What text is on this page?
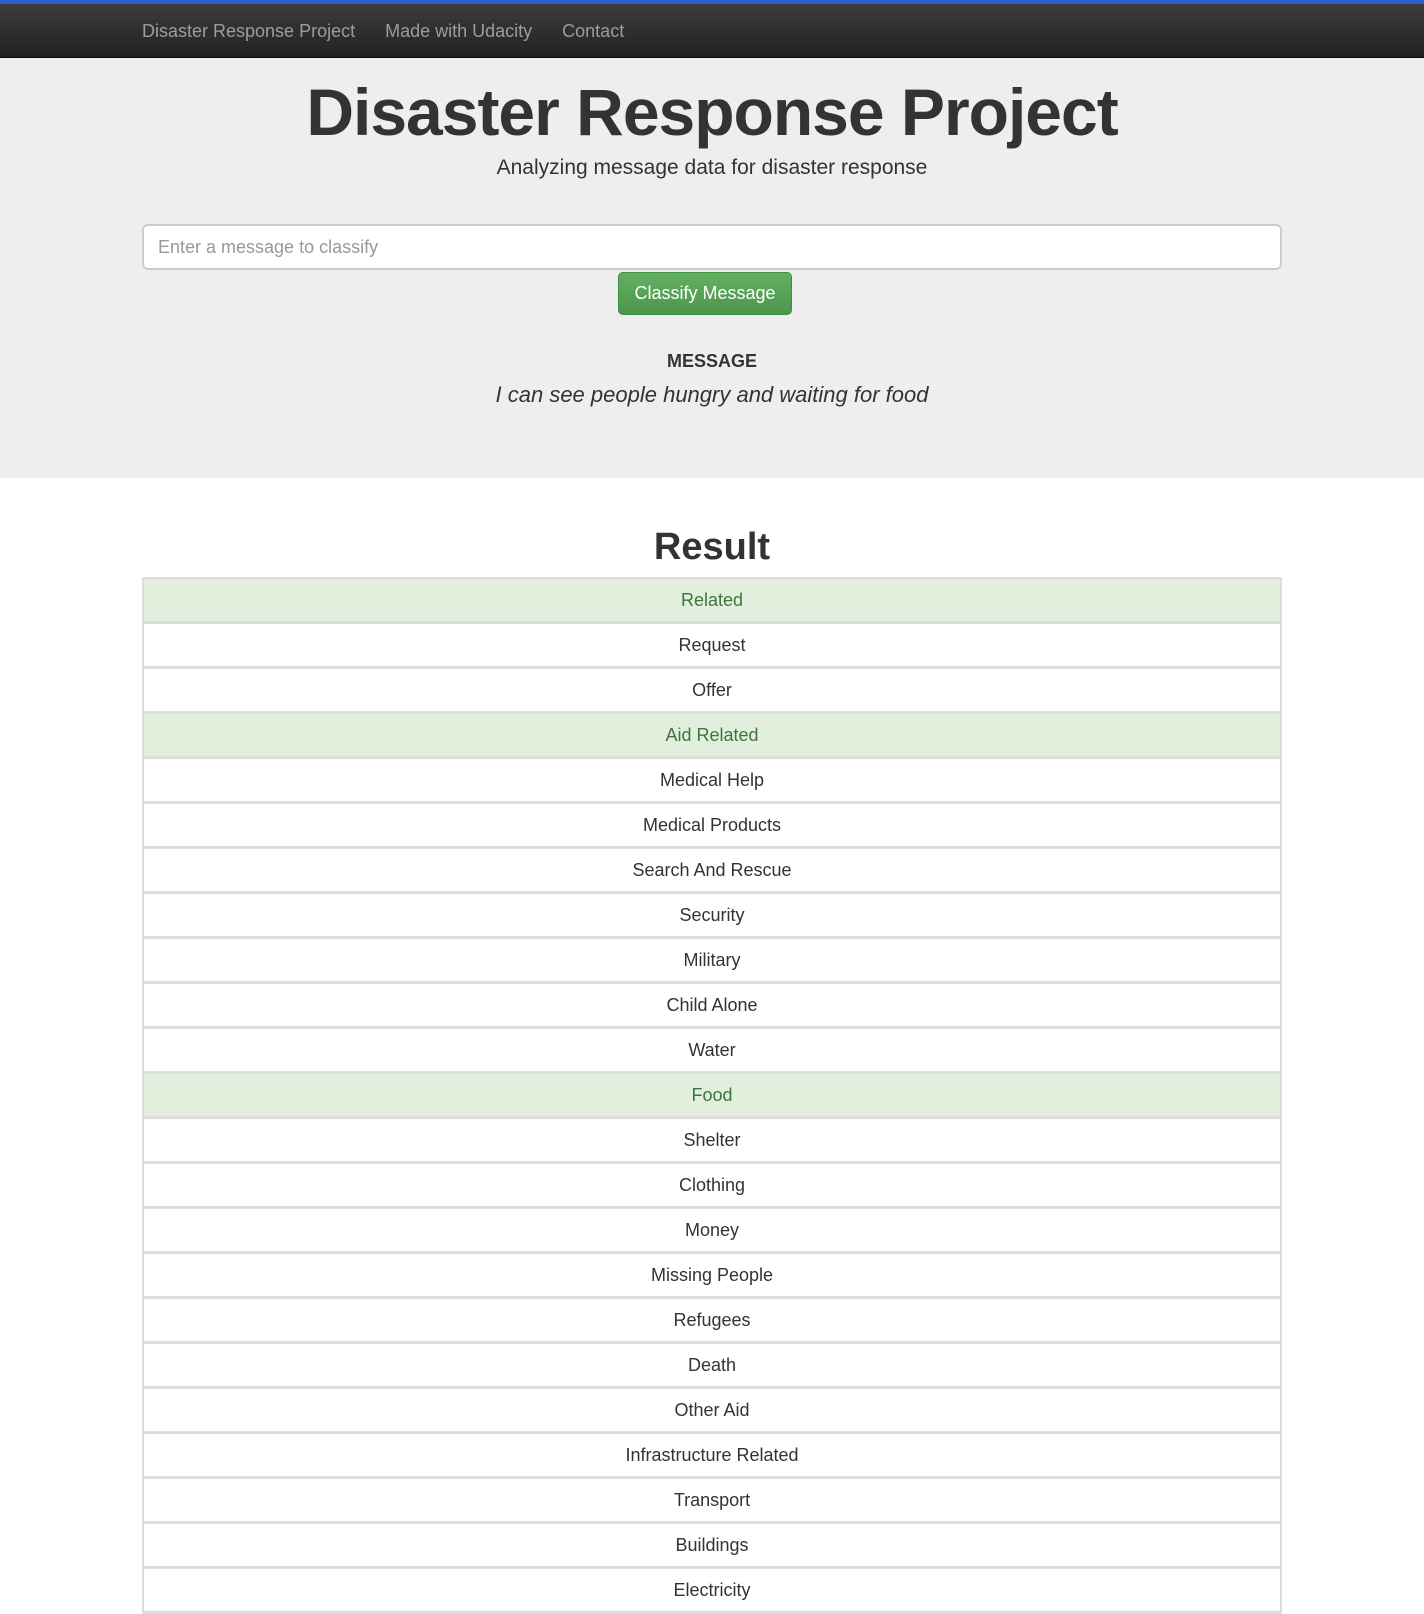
Disaster Response Project Made with Udacity Contact
Disaster Response Project

Analyzing message data for disaster response

Enter a message to classify
Classify Message
MESSAGE
I can see people hungry and waiting for food
Result
Related
Request
Offer
Aid Related
Medical Help
Medical Products
Search And Rescue
Security
Military
Child Alone
Water
Food
Shelter
Clothing
Money
Missing People
Refugees
Death
Other Aid
Infrastructure Related
Transport
Buildings
Electricity
